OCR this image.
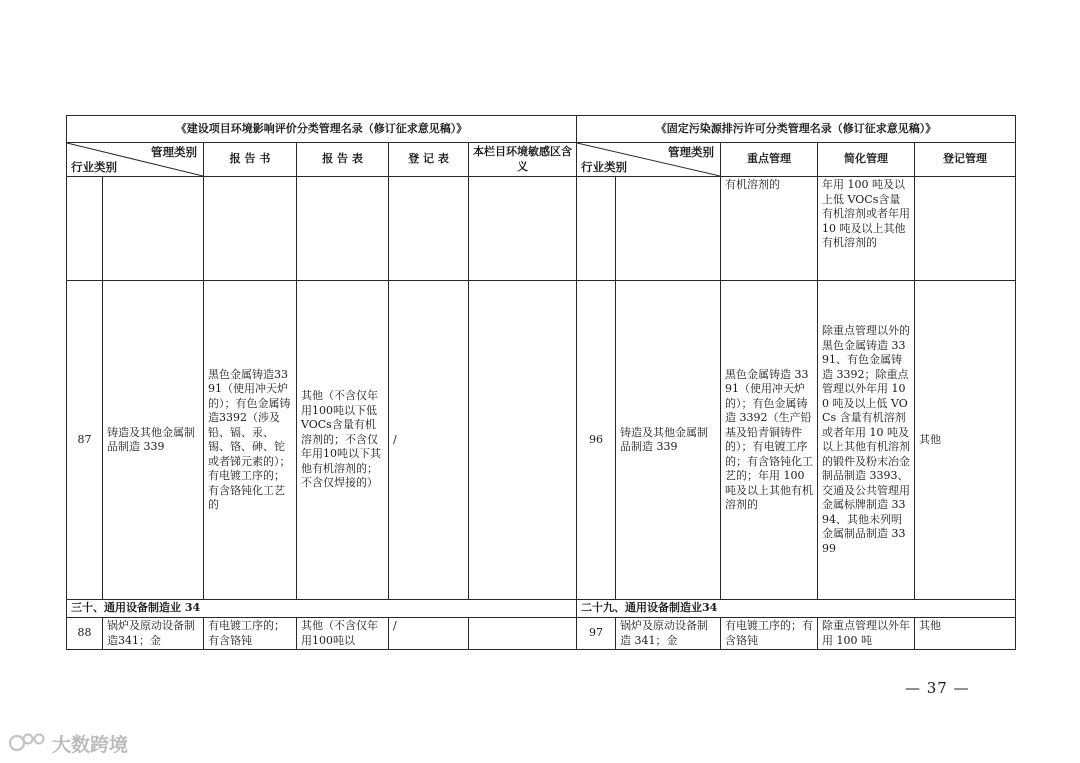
《建设项目环境影响评价分类管理名录（修订征求意见稿）》						《固定污染源排污许可分类管理名录（修订征求意见稿）》				

管理类别
行业类别		报 告 书	报 告 表	登 记 表	本栏目环境敏感区含义	管理类别
行业类别		重点管理	简化管理	登记管理
								有机溶剂的	年用 100 吨及以上低 VOCs含量有机溶剂或者年用 10 吨及以上其他有机溶剂的	
87	铸造及其他金属制品制造 339	黑色金属铸造3391（使用冲天炉的）；有色金属铸造3392（涉及铅、镉、汞、锡、铬、砷、铊或者锑元素的）；有电镀工序的；有含铬钝化工艺的	其他（不含仅年用100吨以下低VOCs含量有机溶剂的；不含仅年用10吨以下其他有机溶剂的；不含仅焊接的）	/		96	铸造及其他金属制品制造 339	黑色金属铸造 3391（使用冲天炉的）；有色金属铸造 3392（生产铅基及铅青铜铸件的）；有电镀工序的；有含铬钝化工艺的；年用 100 吨及以上其他有机溶剂的	除重点管理以外的黑色金属铸造 3391、有色金属铸造 3392；除重点管理以外年用 100 吨及以上低 VOCs 含量有机溶剂或者年用 10 吨及以上其他有机溶剂的锻件及粉末冶金制品制造 3393、交通及公共管理用金属标牌制造 3394、其他未列明金属制品制造 3399	其他
三十、通用设备制造业 34						二十九、通用设备制造业34				
88	锅炉及原动设备制造341；金	有电镀工序的；有含铬钝	其他（不含仅年用100吨以	/		97	锅炉及原动设备制造 341；金	有电镀工序的；有含铬钝	除重点管理以外年用 100 吨	其他
— 37 —
大数跨境
